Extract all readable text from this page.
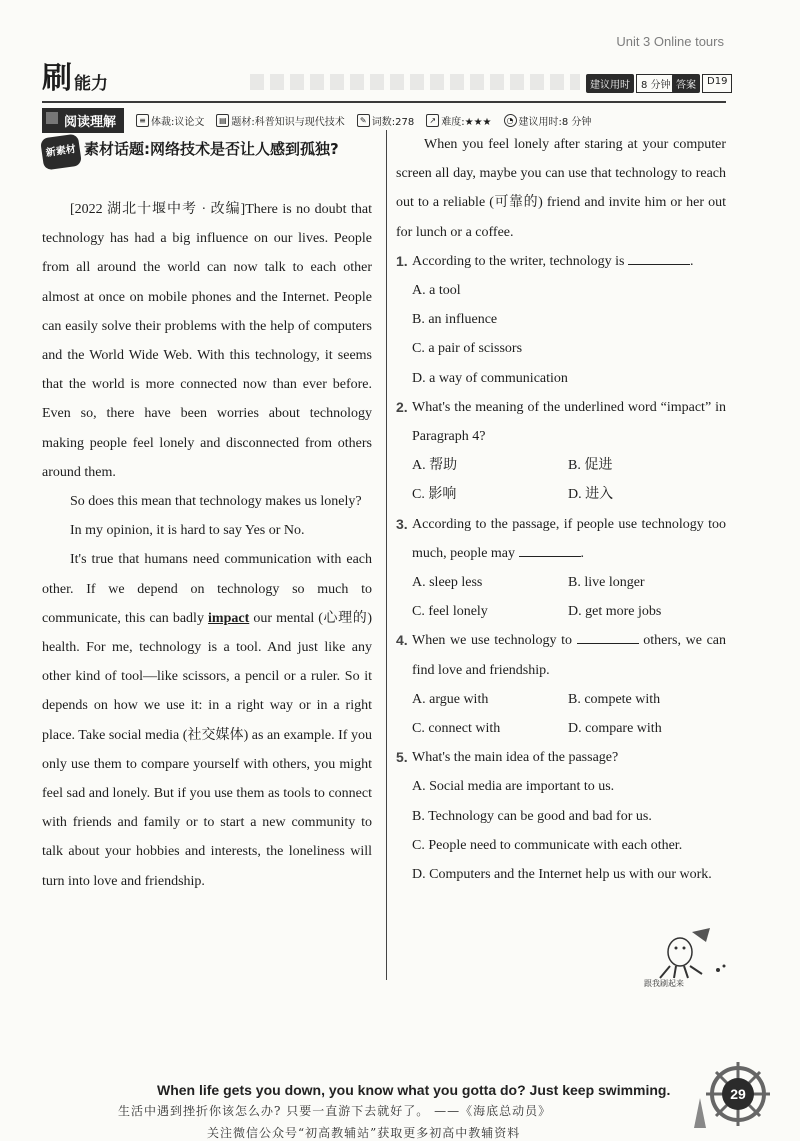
Unit 3 Online tours
刷 能力	建议用时	8 分钟 答案	D19
阅读理解	≡ 体裁:议论文	▤ 题材:科普知识与现代技术	✎ 词数:278	↗ 难度:★★★	◔ 建议用时:8 分钟
新素材 素材话题:网络技术是否让人感到孤独?

[2022 湖北十堰中考 · 改编]There is no doubt that technology has had a big influence on our lives. People from all around the world can now talk to each other almost at once on mobile phones and the Internet. People can easily solve their problems with the help of computers and the World Wide Web. With this technology, it seems that the world is more connected now than ever before. Even so, there have been worries about technology making people feel lonely and disconnected from others around them.

So does this mean that technology makes us lonely?

In my opinion, it is hard to say Yes or No.

It's true that humans need communication with each other. If we depend on technology so much to communicate, this can badly impact our mental (心理的) health. For me, technology is a tool. And just like any other kind of tool—like scissors, a pencil or a ruler. So it depends on how we use it: in a right way or in a right place. Take social media (社交媒体) as an example. If you only use them to compare yourself with others, you might feel sad and lonely. But if you use them as tools to connect with friends and family or to start a new community to talk about your hobbies and interests, the loneliness will turn into love and friendship.

When you feel lonely after staring at your computer screen all day, maybe you can use that technology to reach out to a reliable (可靠的) friend and invite him or her out for lunch or a coffee.

1. According to the writer, technology is	.
A. a tool
B. an influence
C. a pair of scissors
D. a way of communication
2. What's the meaning of the underlined word “impact” in Paragraph 4?
A. 帮助	B. 促进
C. 影响	D. 进入
3. According to the passage, if people use technology too much, people may	.
A. sleep less	B. live longer
C. feel lonely	D. get more jobs
4. When we use technology to	others, we can find love and friendship.
A. argue with	B. compete with
C. connect with	D. compare with
5. What's the main idea of the passage?
A. Social media are important to us.
B. Technology can be good and bad for us.
C. People need to communicate with each other.
D. Computers and the Internet help us with our work.
跟我刷起来
When life gets you down, you know what you gotta do? Just keep swimming.
生活中遇到挫折你该怎么办? 只要一直游下去就好了。 ——《海底总动员》
关注微信公众号“初高教辅站”获取更多初高中教辅资料
29
